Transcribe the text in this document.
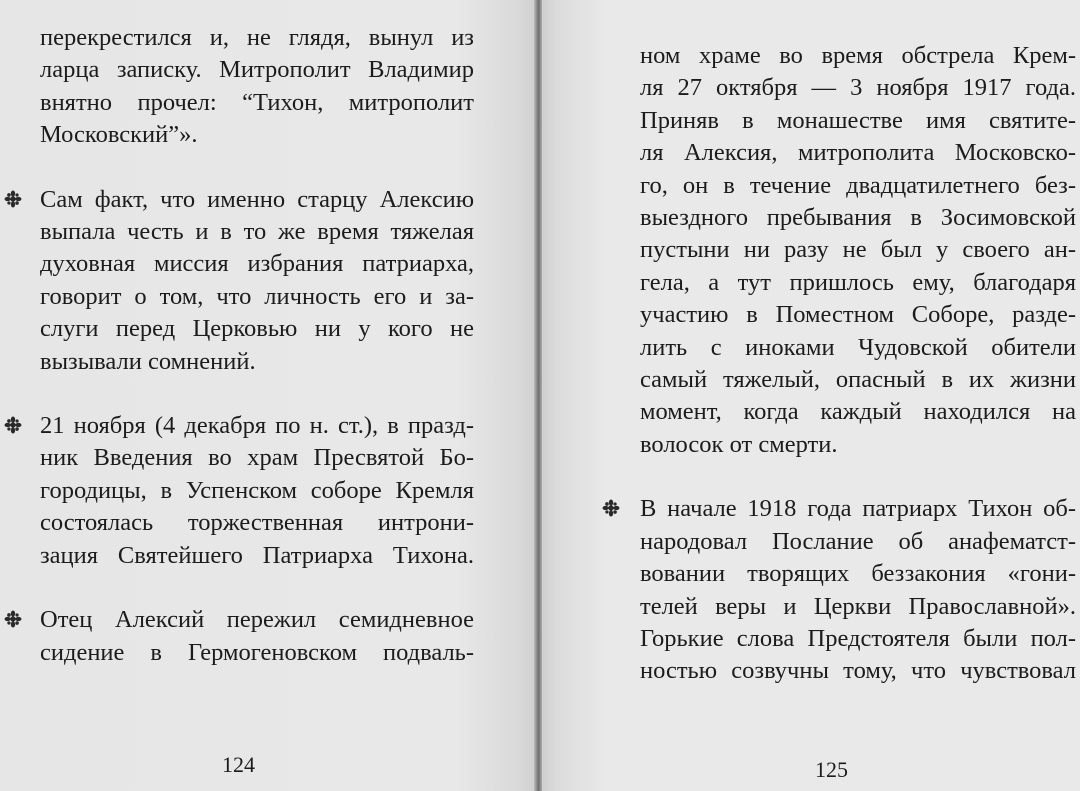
перекрестился и, не глядя, вынул из
ларца записку. Митрополит Владимир
внятно прочел: “Тихон, митрополит
Московский”».
Сам факт, что именно старцу Алексию
выпала честь и в то же время тяжелая
духовная миссия избрания патриарха,
говорит о том, что личность его и за-
слуги перед Церковью ни у кого не
вызывали сомнений.
21 ноября (4 декабря по н. ст.), в празд-
ник Введения во храм Пресвятой Бо-
городицы, в Успенском соборе Кремля
состоялась торжественная интрони-
зация Святейшего Патриарха Тихона.
Отец Алексий пережил семидневное
сидение в Гермогеновском подваль-
124
ном храме во время обстрела Крем-
ля 27 октября — 3 ноября 1917 года.
Приняв в монашестве имя святите-
ля Алексия, митрополита Московско-
го, он в течение двадцатилетнего без-
выездного пребывания в Зосимовской
пустыни ни разу не был у своего ан-
гела, а тут пришлось ему, благодаря
участию в Поместном Соборе, разде-
лить с иноками Чудовской обители
самый тяжелый, опасный в их жизни
момент, когда каждый находился на
волосок от смерти.
В начале 1918 года патриарх Тихон об-
народовал Послание об анафематст-
вовании творящих беззакония «гони-
телей веры и Церкви Православной».
Горькие слова Предстоятеля были пол-
ностью созвучны тому, что чувствовал
125
